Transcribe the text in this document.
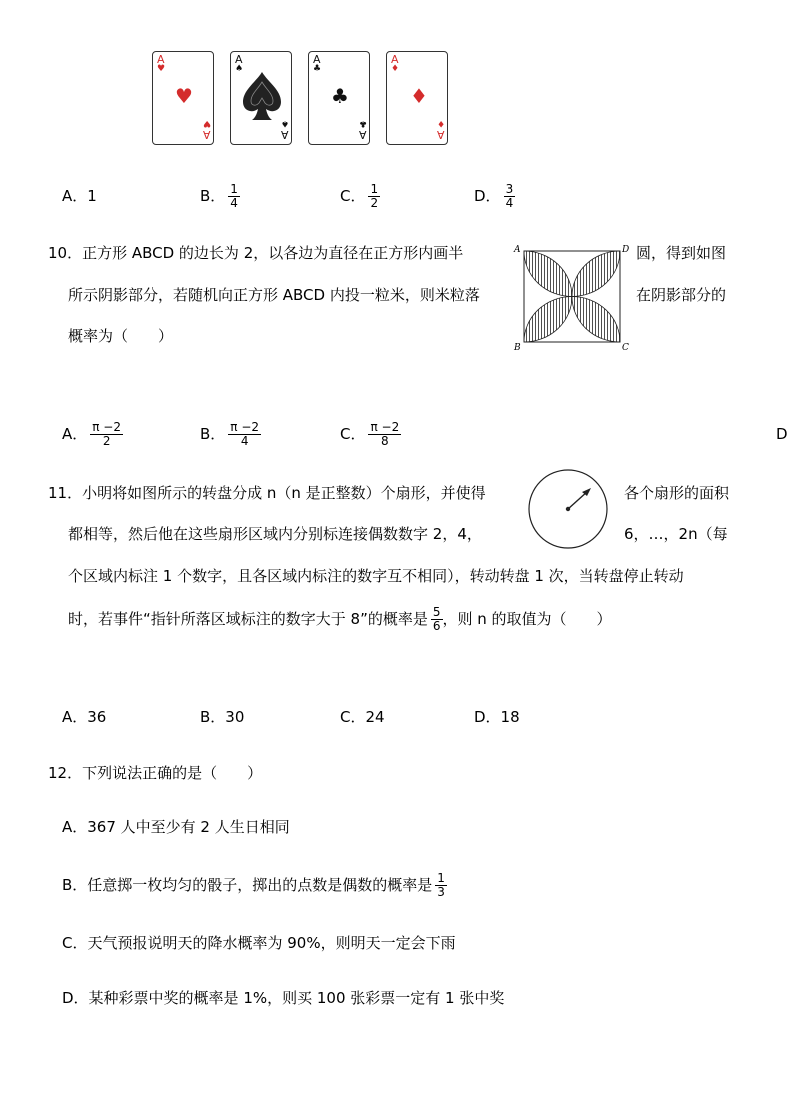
A
♥
♥
♥
A
A
♠
♠
A
A
♣
♣
♣
A
A
♦
♦
♦
A
A．1	B． $\frac{1}{4}$	C． $\frac{1}{2}$	D． $\frac{3}{4}$
10．正方形 ABCD 的边长为 2，以各边为直径在正方形内画半	圆，得到如图
所示阴影部分，若随机向正方形 ABCD 内投一粒米，则米粒落	在阴影部分的
概率为（　　）
A	D
B	C
A． $\frac{\pi -2}{2}$	B． $\frac{\pi -2}{4}$	C． $\frac{\pi -2}{8}$	D
11．小明将如图所示的转盘分成 n（n 是正整数）个扇形，并使得	各个扇形的面积
都相等，然后他在这些扇形区域内分别标连接偶数数字 2，4，	6，…，2n（每
个区域内标注 1 个数字，且各区域内标注的数字互不相同），转动转盘 1 次，当转盘停止转动
时，若事件“指针所落区域标注的数字大于 8”的概率是 $\frac{5}{6}$ ，则 n 的取值为（　　）
A．36	B．30	C．24	D．18
12．下列说法正确的是（　　）
A．367 人中至少有 2 人生日相同
B．任意掷一枚均匀的骰子，掷出的点数是偶数的概率是 $\frac{1}{3}$
C．天气预报说明天的降水概率为 90%，则明天一定会下雨
D．某种彩票中奖的概率是 1%，则买 100 张彩票一定有 1 张中奖
